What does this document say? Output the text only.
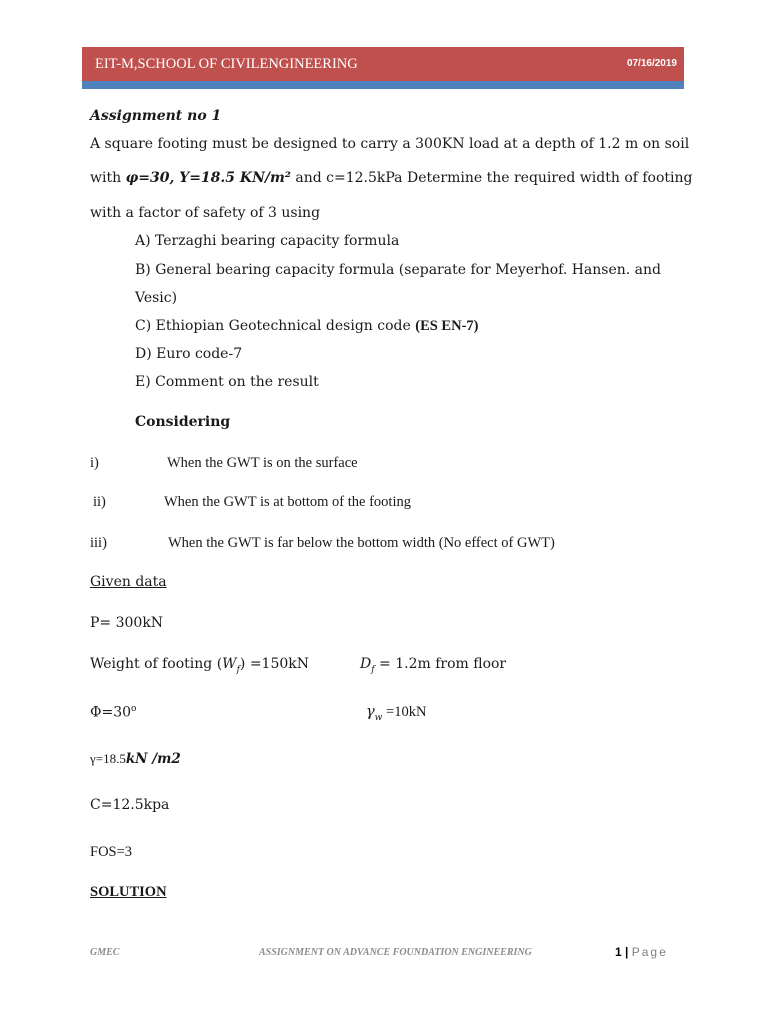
EIT-M,SCHOOL OF CIVILENGINEERING	07/16/2019
Assignment no 1
A square footing must be designed to carry a 300KN load at a depth of 1.2 m on soil
with φ=30, Y=18.5 KN/m² and c=12.5kPa Determine the required width of footing
with a factor of safety of 3 using
A) Terzaghi bearing capacity formula
B) General bearing capacity formula (separate for Meyerhof. Hansen. and
Vesic)
C) Ethiopian Geotechnical design code (ES EN-7)
D) Euro code-7
E) Comment on the result
Considering
i)	When the GWT is on the surface
ii)	When the GWT is at bottom of the footing
iii)	When the GWT is far below the bottom width (No effect of GWT)
Given data
P= 300kN
Weight of footing $(W_f) =150kN$	$D_f = 1.2m$ from floor
$\Phi=30^o$	$\gamma_w =10kN$
γ=18.5kN /m2
C=12.5kpa
FOS=3
SOLUTION
GMEC	ASSIGNMENT ON ADVANCE FOUNDATION ENGINEERING	1 | Page
